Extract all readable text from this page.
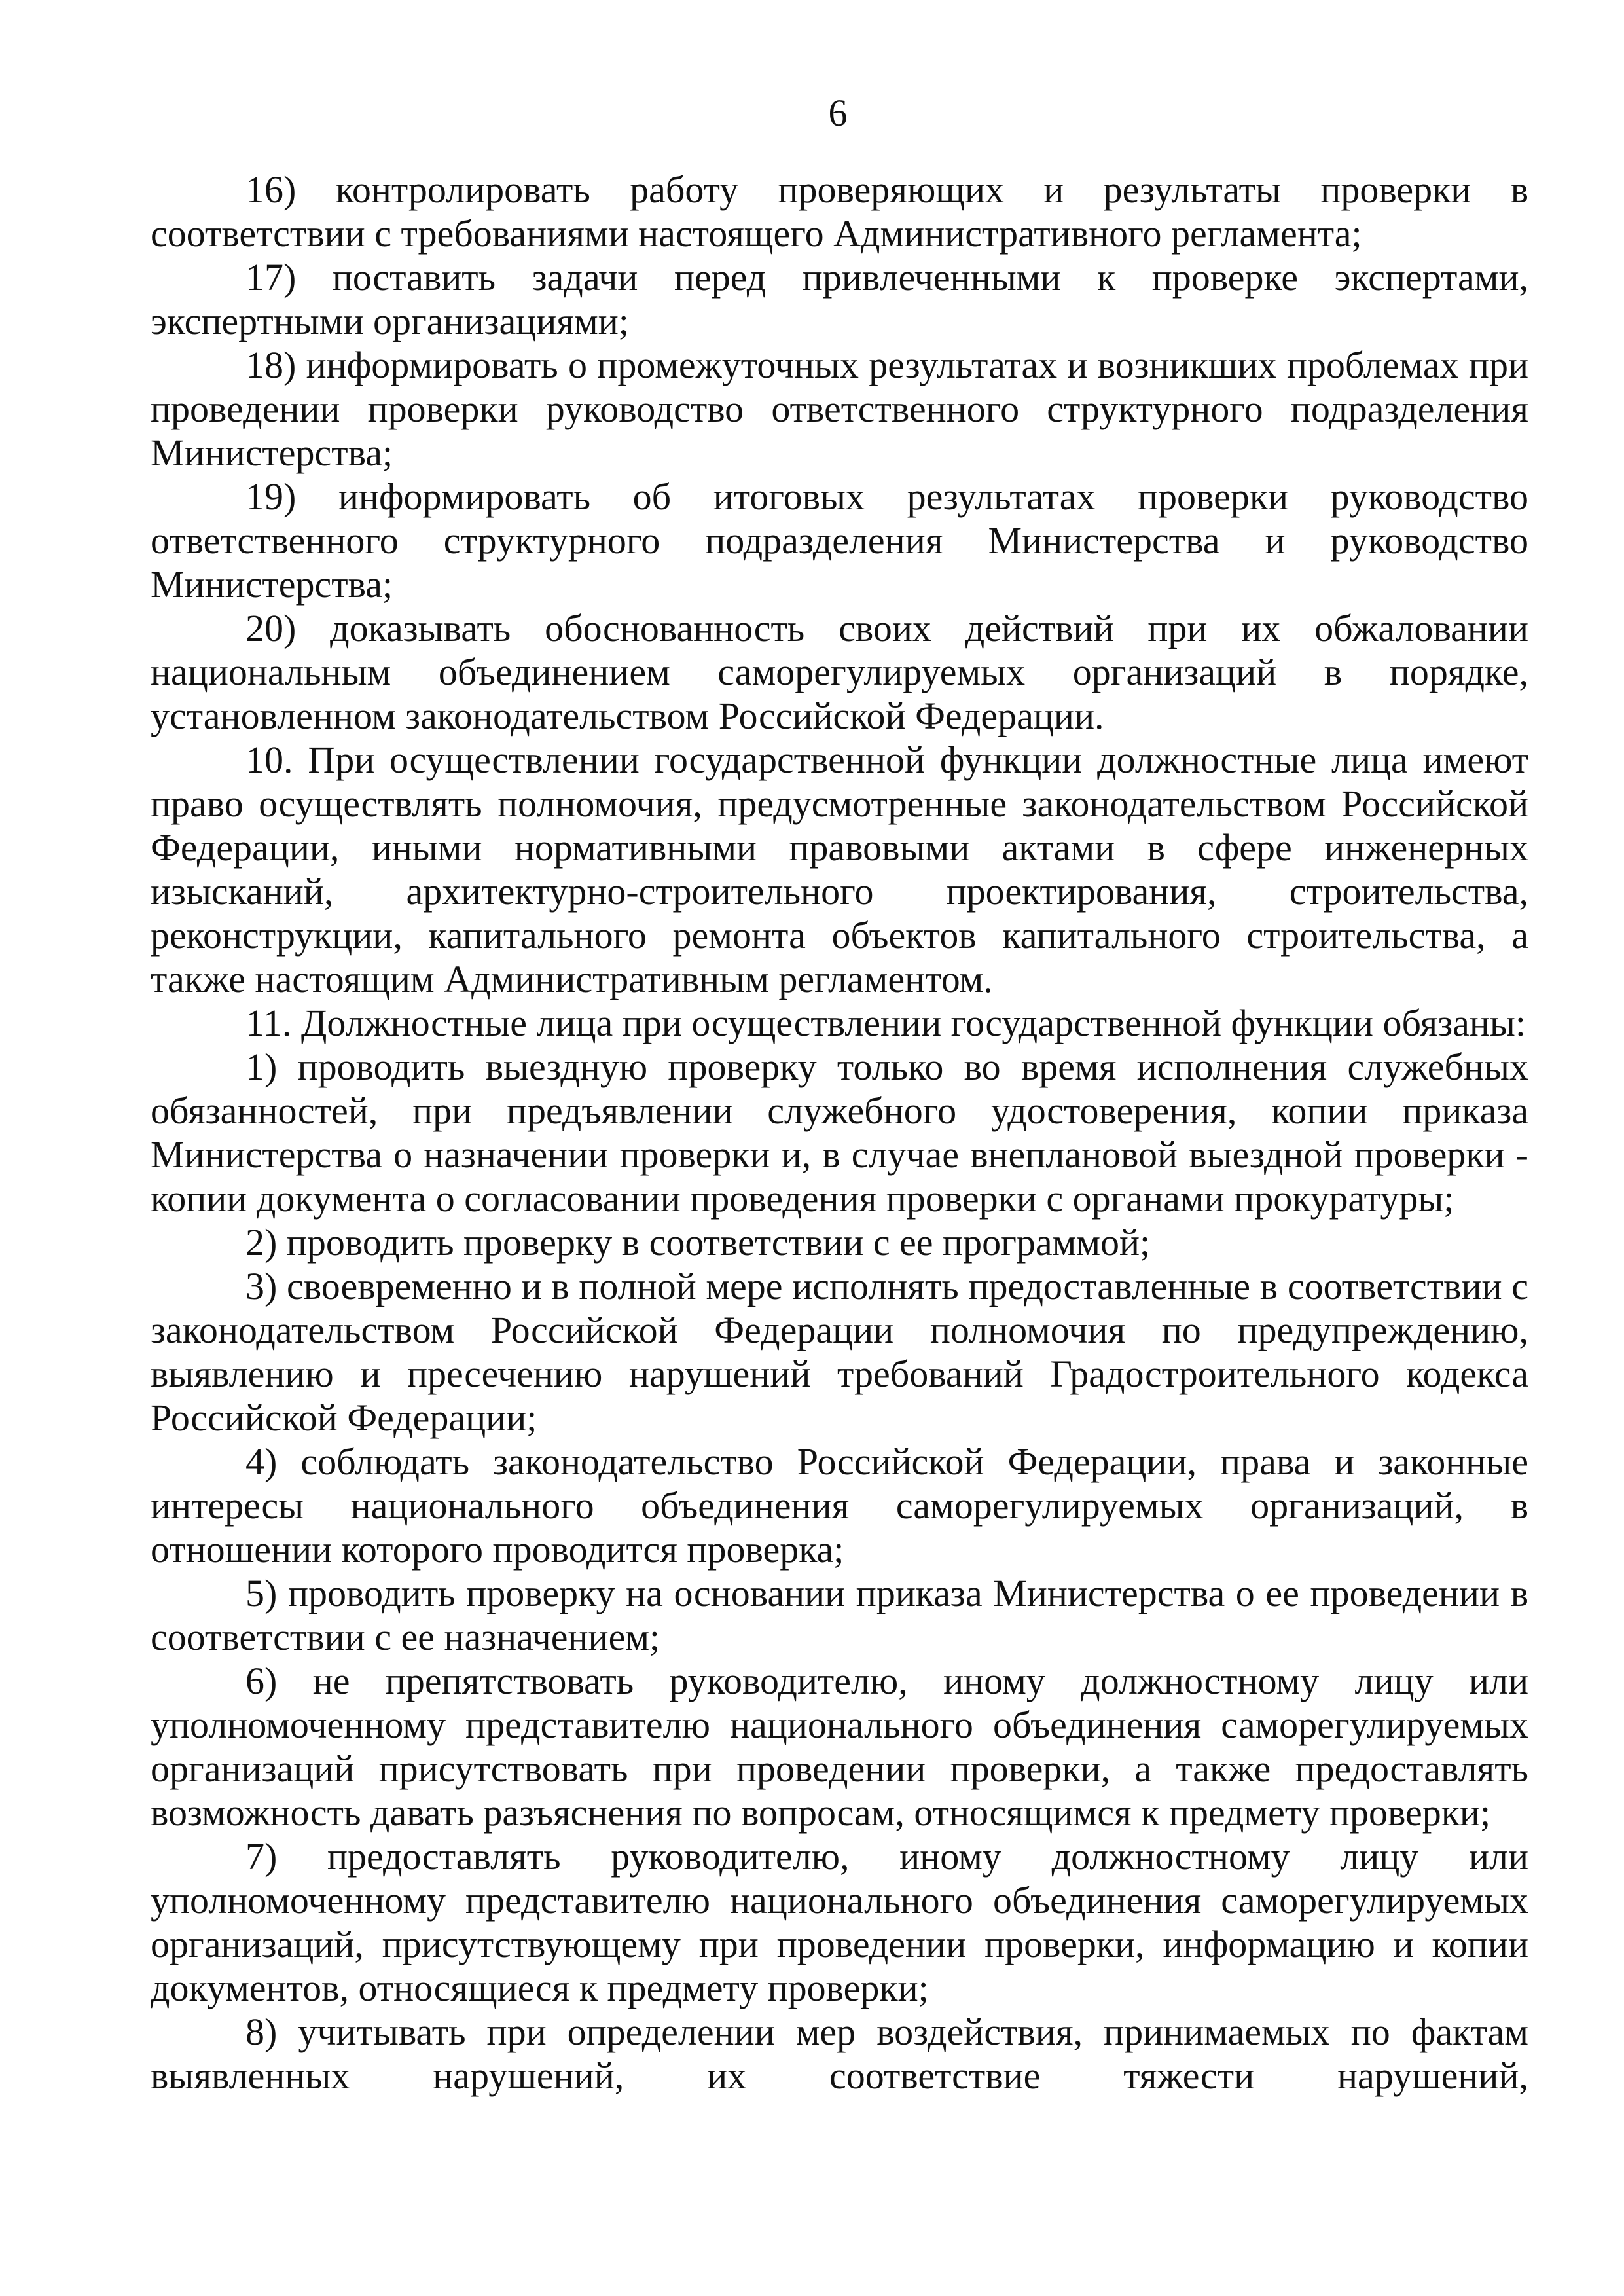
6

16) контролировать работу проверяющих и результаты проверки в соответствии с требованиями настоящего Административного регламента;

17) поставить задачи перед привлеченными к проверке экспертами, экспертными организациями;

18) информировать о промежуточных результатах и возникших проблемах при проведении проверки руководство ответственного структурного подразделения Министерства;

19) информировать об итоговых результатах проверки руководство ответственного структурного подразделения Министерства и руководство Министерства;

20) доказывать обоснованность своих действий при их обжаловании национальным объединением саморегулируемых организаций в порядке, установленном законодательством Российской Федерации.

10. При осуществлении государственной функции должностные лица имеют право осуществлять полномочия, предусмотренные законодательством Российской Федерации, иными нормативными правовыми актами в сфере инженерных изысканий, архитектурно-строительного проектирования, строительства, реконструкции, капитального ремонта объектов капитального строительства, а также настоящим Административным регламентом.

11. Должностные лица при осуществлении государственной функции обязаны:

1) проводить выездную проверку только во время исполнения служебных обязанностей, при предъявлении служебного удостоверения, копии приказа Министерства о назначении проверки и, в случае внеплановой выездной проверки - копии документа о согласовании проведения проверки с органами прокуратуры;

2) проводить проверку в соответствии с ее программой;

3) своевременно и в полной мере исполнять предоставленные в соответствии с законодательством Российской Федерации полномочия по предупреждению, выявлению и пресечению нарушений требований Градостроительного кодекса Российской Федерации;

4) соблюдать законодательство Российской Федерации, права и законные интересы национального объединения саморегулируемых организаций, в отношении которого проводится проверка;

5) проводить проверку на основании приказа Министерства о ее проведении в соответствии с ее назначением;

6) не препятствовать руководителю, иному должностному лицу или уполномоченному представителю национального объединения саморегулируемых организаций присутствовать при проведении проверки, а также предоставлять возможность давать разъяснения по вопросам, относящимся к предмету проверки;

7) предоставлять руководителю, иному должностному лицу или уполномоченному представителю национального объединения саморегулируемых организаций, присутствующему при проведении проверки, информацию и копии документов, относящиеся к предмету проверки;

8) учитывать при определении мер воздействия, принимаемых по фактам выявленных нарушений, их соответствие тяжести нарушений,
